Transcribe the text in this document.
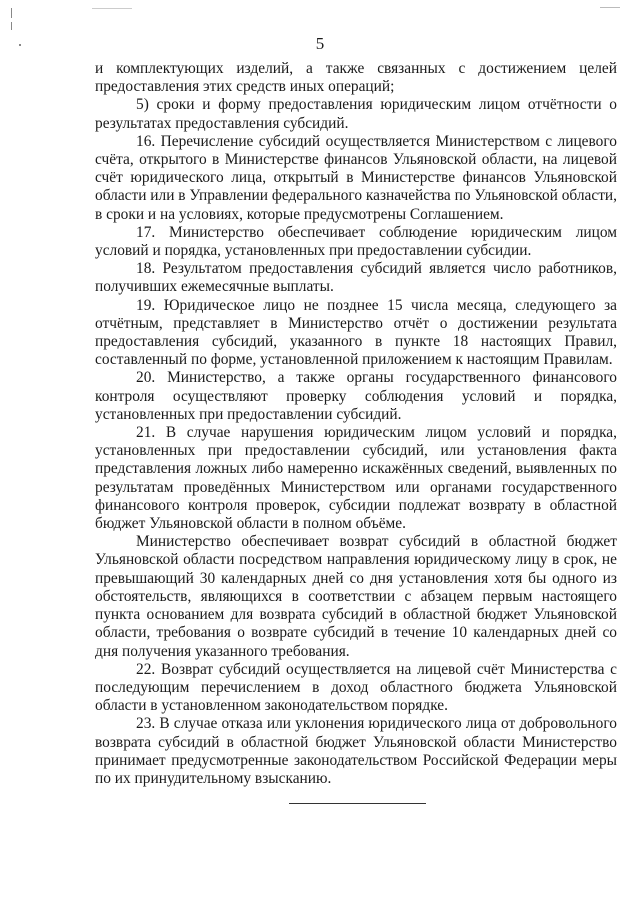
5

и комплектующих изделий, а также связанных с достижением целей предоставления этих средств иных операций;

5) сроки и форму предоставления юридическим лицом отчётности о результатах предоставления субсидий.

16. Перечисление субсидий осуществляется Министерством с лицевого счёта, открытого в Министерстве финансов Ульяновской области, на лицевой счёт юридического лица, открытый в Министерстве финансов Ульяновской области или в Управлении федерального казначейства по Ульяновской области, в сроки и на условиях, которые предусмотрены Соглашением.

17. Министерство обеспечивает соблюдение юридическим лицом условий и порядка, установленных при предоставлении субсидии.

18. Результатом предоставления субсидий является число работников, получивших ежемесячные выплаты.

19. Юридическое лицо не позднее 15 числа месяца, следующего за отчётным, представляет в Министерство отчёт о достижении результата предоставления субсидий, указанного в пункте 18 настоящих Правил, составленный по форме, установленной приложением к настоящим Правилам.

20. Министерство, а также органы государственного финансового контроля осуществляют проверку соблюдения условий и порядка, установленных при предоставлении субсидий.

21. В случае нарушения юридическим лицом условий и порядка, установленных при предоставлении субсидий, или установления факта представления ложных либо намеренно искажённых сведений, выявленных по результатам проведённых Министерством или органами государственного финансового контроля проверок, субсидии подлежат возврату в областной бюджет Ульяновской области в полном объёме.

Министерство обеспечивает возврат субсидий в областной бюджет Ульяновской области посредством направления юридическому лицу в срок, не превышающий 30 календарных дней со дня установления хотя бы одного из обстоятельств, являющихся в соответствии с абзацем первым настоящего пункта основанием для возврата субсидий в областной бюджет Ульяновской области, требования о возврате субсидий в течение 10 календарных дней со дня получения указанного требования.

22. Возврат субсидий осуществляется на лицевой счёт Министерства с последующим перечислением в доход областного бюджета Ульяновской области в установленном законодательством порядке.

23. В случае отказа или уклонения юридического лица от добровольного возврата субсидий в областной бюджет Ульяновской области Министерство принимает предусмотренные законодательством Российской Федерации меры по их принудительному взысканию.
